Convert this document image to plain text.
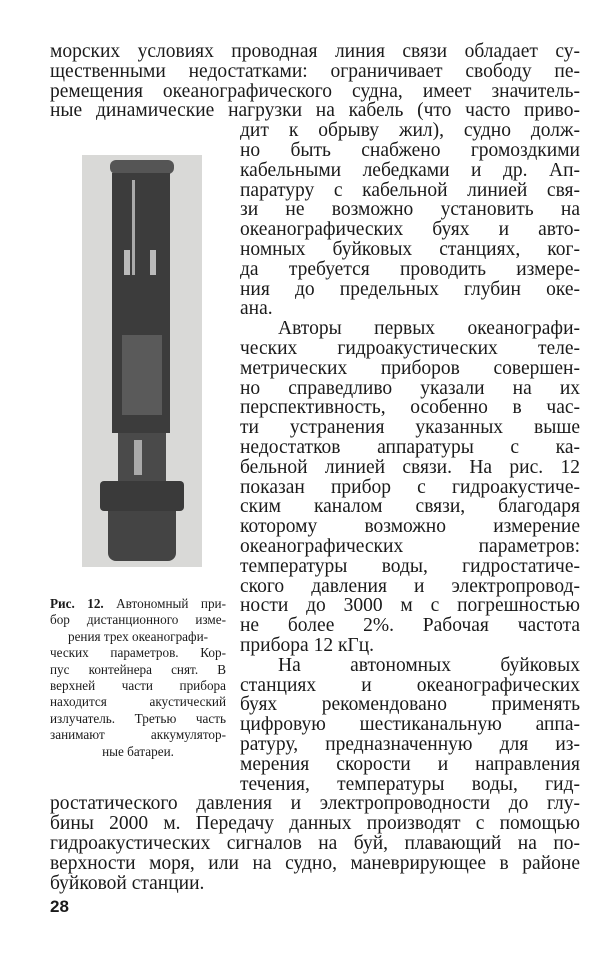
морских условиях проводная линия связи обладает су-
щественными недостатками: ограничивает свободу пе-
ремещения океанографического судна, имеет значитель-
ные динамические нагрузки на кабель (что часто приво-
дит к обрыву жил), судно долж-
но быть снабжено громоздкими
кабельными лебедками и др. Ап-
паратуру с кабельной линией свя-
зи не возможно установить на
океанографических буях и авто-
номных буйковых станциях, ког-
да требуется проводить измере-
ния до предельных глубин оке-
ана.
Авторы первых океанографи-
ческих гидроакустических теле-
метрических приборов совершен-
но справедливо указали на их
перспективность, особенно в час-
ти устранения указанных выше
недостатков аппаратуры с ка-
бельной линией связи. На рис. 12
показан прибор с гидроакустиче-
ским каналом связи, благодаря
которому возможно измерение
океанографических параметров:
температуры воды, гидростатиче-
ского давления и электропровод-
ности до 3000 м с погрешностью
не более 2%. Рабочая частота
прибора 12 кГц.
На автономных буйковых
станциях и океанографических
буях рекомендовано применять
цифровую шестиканальную аппа-
ратуру, предназначенную для из-
мерения скорости и направления
течения, температуры воды, гид-
ростатического давления и электропроводности до глу-
бины 2000 м. Передачу данных производят с помощью
гидроакустических сигналов на буй, плавающий на по-
верхности моря, или на судно, маневрирующее в районе
буйковой станции.
Рис. 12. Автономный при-
бор дистанционного изме-
рения трех океанографи-
ческих параметров. Кор-
пус контейнера снят. В
верхней части прибора
находится акустический
излучатель. Третью часть
занимают аккумулятор-
ные батареи.
28
